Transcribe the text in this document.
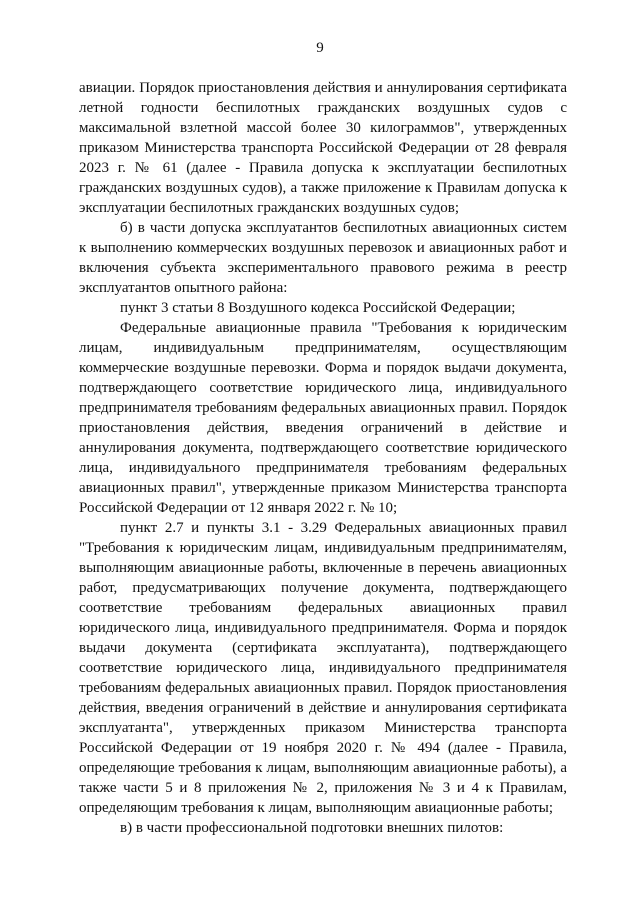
9

авиации. Порядок приостановления действия и аннулирования сертификата летной годности беспилотных гражданских воздушных судов с максимальной взлетной массой более 30 килограммов", утвержденных приказом Министерства транспорта Российской Федерации от 28 февраля 2023 г. № 61 (далее - Правила допуска к эксплуатации беспилотных гражданских воздушных судов), а также приложение к Правилам допуска к эксплуатации беспилотных гражданских воздушных судов;

б) в части допуска эксплуатантов беспилотных авиационных систем к выполнению коммерческих воздушных перевозок и авиационных работ и включения субъекта экспериментального правового режима в реестр эксплуатантов опытного района:

пункт 3 статьи 8 Воздушного кодекса Российской Федерации;

Федеральные авиационные правила "Требования к юридическим лицам, индивидуальным предпринимателям, осуществляющим коммерческие воздушные перевозки. Форма и порядок выдачи документа, подтверждающего соответствие юридического лица, индивидуального предпринимателя требованиям федеральных авиационных правил. Порядок приостановления действия, введения ограничений в действие и аннулирования документа, подтверждающего соответствие юридического лица, индивидуального предпринимателя требованиям федеральных авиационных правил", утвержденные приказом Министерства транспорта Российской Федерации от 12 января 2022 г. № 10;

пункт 2.7 и пункты 3.1 - 3.29 Федеральных авиационных правил "Требования к юридическим лицам, индивидуальным предпринимателям, выполняющим авиационные работы, включенные в перечень авиационных работ, предусматривающих получение документа, подтверждающего соответствие требованиям федеральных авиационных правил юридического лица, индивидуального предпринимателя. Форма и порядок выдачи документа (сертификата эксплуатанта), подтверждающего соответствие юридического лица, индивидуального предпринимателя требованиям федеральных авиационных правил. Порядок приостановления действия, введения ограничений в действие и аннулирования сертификата эксплуатанта", утвержденных приказом Министерства транспорта Российской Федерации от 19 ноября 2020 г. № 494 (далее - Правила, определяющие требования к лицам, выполняющим авиационные работы), а также части 5 и 8 приложения № 2, приложения № 3 и 4 к Правилам, определяющим требования к лицам, выполняющим авиационные работы;

в) в части профессиональной подготовки внешних пилотов:
